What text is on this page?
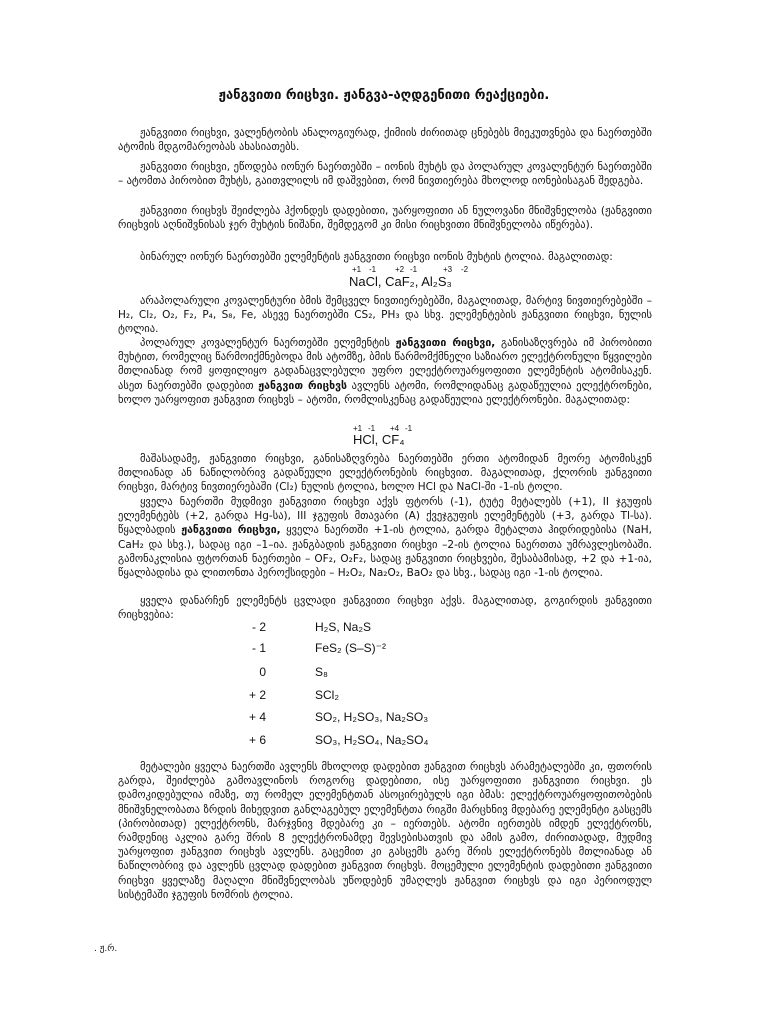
ჟანგვითი რიცხვი. ჟანგვა-აღდგენითი რეაქციები.
ჟანგვითი რიცხვი, ვალენტობის ანალოგიურად, ქიმიის ძირითად ცნებებს მიეკუთვნება და ნაერთებში ატომის მდგომარეობას ახასიათებს.
ჟანგვითი რიცხვი, ეწოდება იონურ ნაერთებში – იონის მუხტს და პოლარულ კოვალენტურ ნაერთებში – ატომთა პირობით მუხტს, გაითვლილს იმ დაშვებით, რომ ნივთიერება მხოლოდ იონებისაგან შედგება.
ჟანგვითი რიცხვს შეიძლება ჰქონდეს დადებითი, უარყოფითი ან ნულოვანი მნიშვნელობა (ჟანგვითი რიცხვის აღნიშვნისას ჯერ მუხტის ნიშანი, შემდეგომ კი მისი რიცხვითი მნიშვნელობა იწერება).
ბინარულ იონურ ნაერთებში ელემენტის ჟანგვითი რიცხვი იონის მუხტის ტოლია. მაგალითად:
+1 -1 +2 -1	+3 -2
NaCl, CaF₂, Al₂S₃
არაპოლარული კოვალენტური ბმის შემცველ ნივთიერებებში, მაგალითად, მარტივ ნივთიერებებში – H₂, Cl₂, O₂, F₂, P₄, S₈, Fe, ასევე ნაერთებში CS₂, PH₃ და სხვ. ელემენტების ჟანგვითი რიცხვი, ნულის ტოლია.
პოლარულ კოვალენტურ ნაერთებში ელემენტის ჟანგვითი რიცხვი, განისაზღვრება იმ პირობითი მუხტით, რომელიც წარმოიქმნებოდა მის ატომზე, ბმის წარმომქმნელი საზიარო ელექტრონული წყვილები მთლიანად რომ ყოფილიყო გადანაცვლებული უფრო ელექტროუარყოფითი ელემენტის ატომისაკენ. ასეთ ნაერთებში დადებით ჟანგვით რიცხვს ავლენს ატომი, რომლიდანაც გადაწეულია ელექტრონები, ხოლო უარყოფით ჟანგვით რიცხვს – ატომი, რომლისკენაც გადაწეულია ელექტრონები. მაგალითად:
+1 -1 +4 -1
HCl, CF₄
მაშასადამე, ჟანგვითი რიცხვი, განისაზღვრება ნაერთებში ერთი ატომიდან მეორე ატომისკენ მთლიანად ან ნაწილობრივ გადაწეული ელექტრონების რიცხვით. მაგალითად, ქლორის ჟანგვითი რიცხვი, მარტივ ნივთიერებაში (Cl₂) ნულის ტოლია, ხოლო HCl და NaCl-ში -1-ის ტოლი.
ყველა ნაერთში მუდმივი ჟანგვითი რიცხვი აქვს ფტორს (-1), ტუტე მეტალებს (+1), II ჯგუფის ელემენტებს (+2, გარდა Hg-სა), III ჯგუფის მთავარი (A) ქვეჯგუფის ელემენტებს (+3, გარდა Tl-სა). წყალბადის ჟანგვითი რიცხვი, ყველა ნაერთში +1-ის ტოლია, გარდა მეტალთა ჰიდრიდებისა (NaH, CaH₂ და სხვ.), სადაც იგი –1–ია. ჟანგბადის ჟანგვითი რიცხვი –2-ის ტოლია ნაერთთა უმრავლესობაში. გამონაკლისია ფტორთან ნაერთები – OF₂, O₂F₂, სადაც ჟანგვითი რიცხვები, შესაბამისად, +2 და +1-ია, წყალბადისა და ლითონთა პეროქსიდები – H₂O₂, Na₂O₂, BaO₂ და სხვ., სადაც იგი -1-ის ტოლია.
ყველა დანარჩენ ელემენტს ცვლადი ჟანგვითი რიცხვი აქვს. მაგალითად, გოგირდის ჟანგვითი რიცხვებია:
- 2	H₂S, Na₂S
- 1	FeS₂ (S–S)⁻²
0	S₈
+ 2	SCl₂
+ 4	SO₂, H₂SO₃, Na₂SO₃
+ 6	SO₃, H₂SO₄, Na₂SO₄
მეტალები ყველა ნაერთში ავლენს მხოლოდ დადებით ჟანგვით რიცხვს არამეტალებში კი, ფთორის გარდა, შეიძლება გამოავლინოს როგორც დადებითი, ისე უარყოფითი ჟანგვითი რიცხვი. ეს დამოკიდებულია იმაზე, თუ რომელ ელემენტთან ასოცირებულს იგი ბმას: ელექტროუარყოფითობების მნიშვნელობათა ზრდის მიხედვით განლაგებულ ელემენტთა რიგში მარცხნივ მდებარე ელემენტი გასცემს (პირობითად) ელექტრონს, მარჯვნივ მდებარე კი – იერთებს. ატომი იერთებს იმდენ ელექტრონს, რამდენიც აკლია გარე შრის 8 ელექტრონამდე შევსებისათვის და ამის გამო, ძირითადად, მუდმივ უარყოფით ჟანგვით რიცხვს ავლენს. გაცემით კი გასცემს გარე შრის ელექტრონებს მთლიანად ან ნაწილობრივ და ავლენს ცვლად დადებით ჟანგვით რიცხვს. მოცემული ელემენტის დადებითი ჟანგვითი რიცხვი ყველაზე მაღალი მნიშვნელობას უწოდებენ უმაღლეს ჟანგვით რიცხვს და იგი პერიოდულ სისტემაში ჯგუფის ნომრის ტოლია.
. ჟ.რ.
